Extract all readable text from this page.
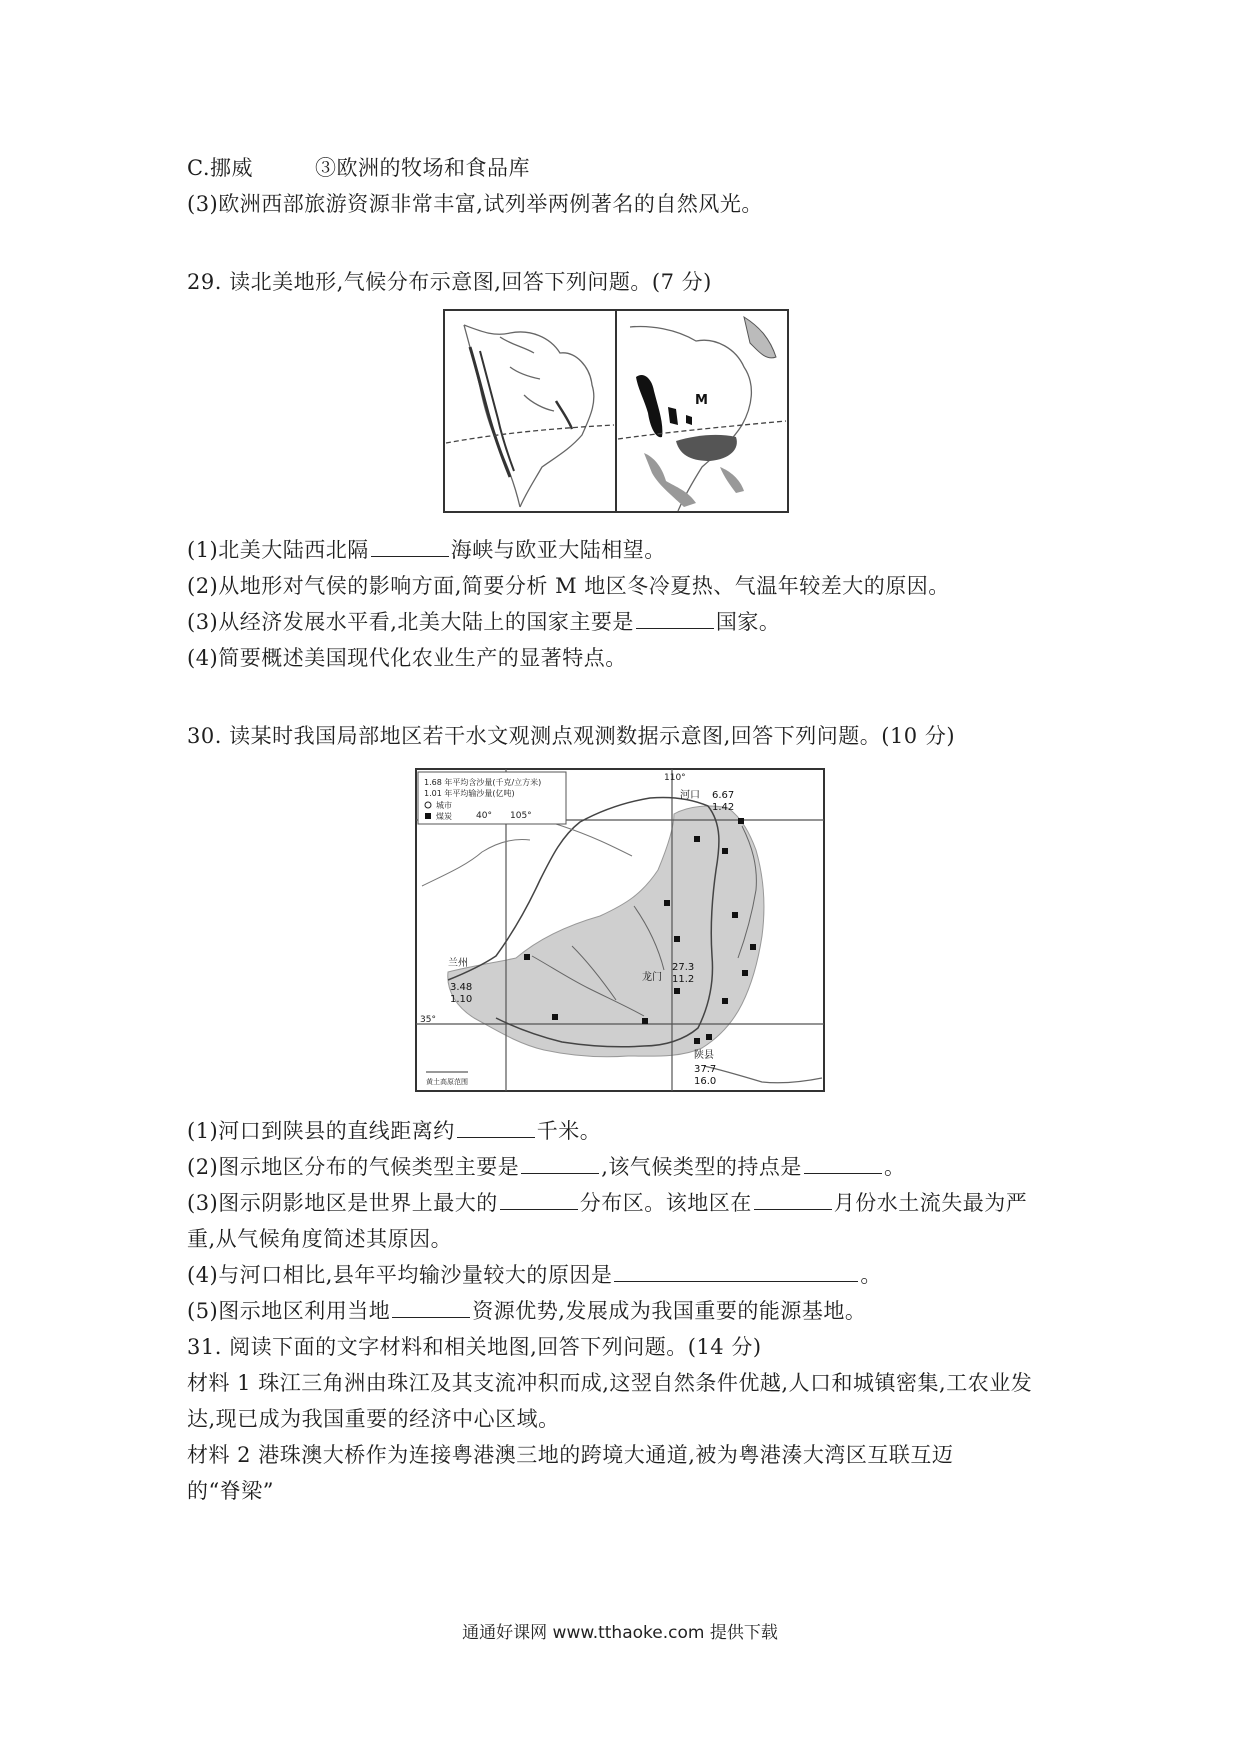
C.挪威	③欧洲的牧场和食品库
(3)欧洲西部旅游资源非常丰富,试列举两例著名的自然风光。
29. 读北美地形,气候分布示意图,回答下列问题。(7 分)
M
(1)北美大陆西北隔	海峡与欧亚大陆相望。
(2)从地形对气侯的影响方面,简要分析 M 地区冬冷夏热、气温年较差大的原因。
(3)从经济发展水平看,北美大陆上的国家主要是	国家。
(4)简要概述美国现代化农业生产的显著特点。
30. 读某时我国局部地区若干水文观测点观测数据示意图,回答下列问题。(10 分)
1.68 年平均含沙量(千克/立方米)
1.01 年平均输沙量(亿吨)
城市
煤炭
110°
105°
40°
35°
河口 6.67
1.42
兰州
3.48
1.10
龙门
27.3
11.2
陕县
37.7
16.0
黄土高原范围
(1)河口到陕县的直线距离约	千米。
(2)图示地区分布的气候类型主要是	,该气候类型的持点是	。
(3)图示阴影地区是世界上最大的	分布区。该地区在	月份水土流失最为严
重,从气候角度简述其原因。
(4)与河口相比,县年平均输沙量较大的原因是	。
(5)图示地区利用当地	资源优势,发展成为我国重要的能源基地。
31. 阅读下面的文字材料和相关地图,回答下列问题。(14 分)
材料 1 珠江三角洲由珠江及其支流冲积而成,这翌自然条件优越,人口和城镇密集,工农业发
达,现已成为我国重要的经济中心区域。
材料 2 港珠澳大桥作为连接粤港澳三地的跨境大通道,被为粤港湊大湾区互联互迈
的“脊梁”
通通好课网 www.tthaoke.com 提供下载
